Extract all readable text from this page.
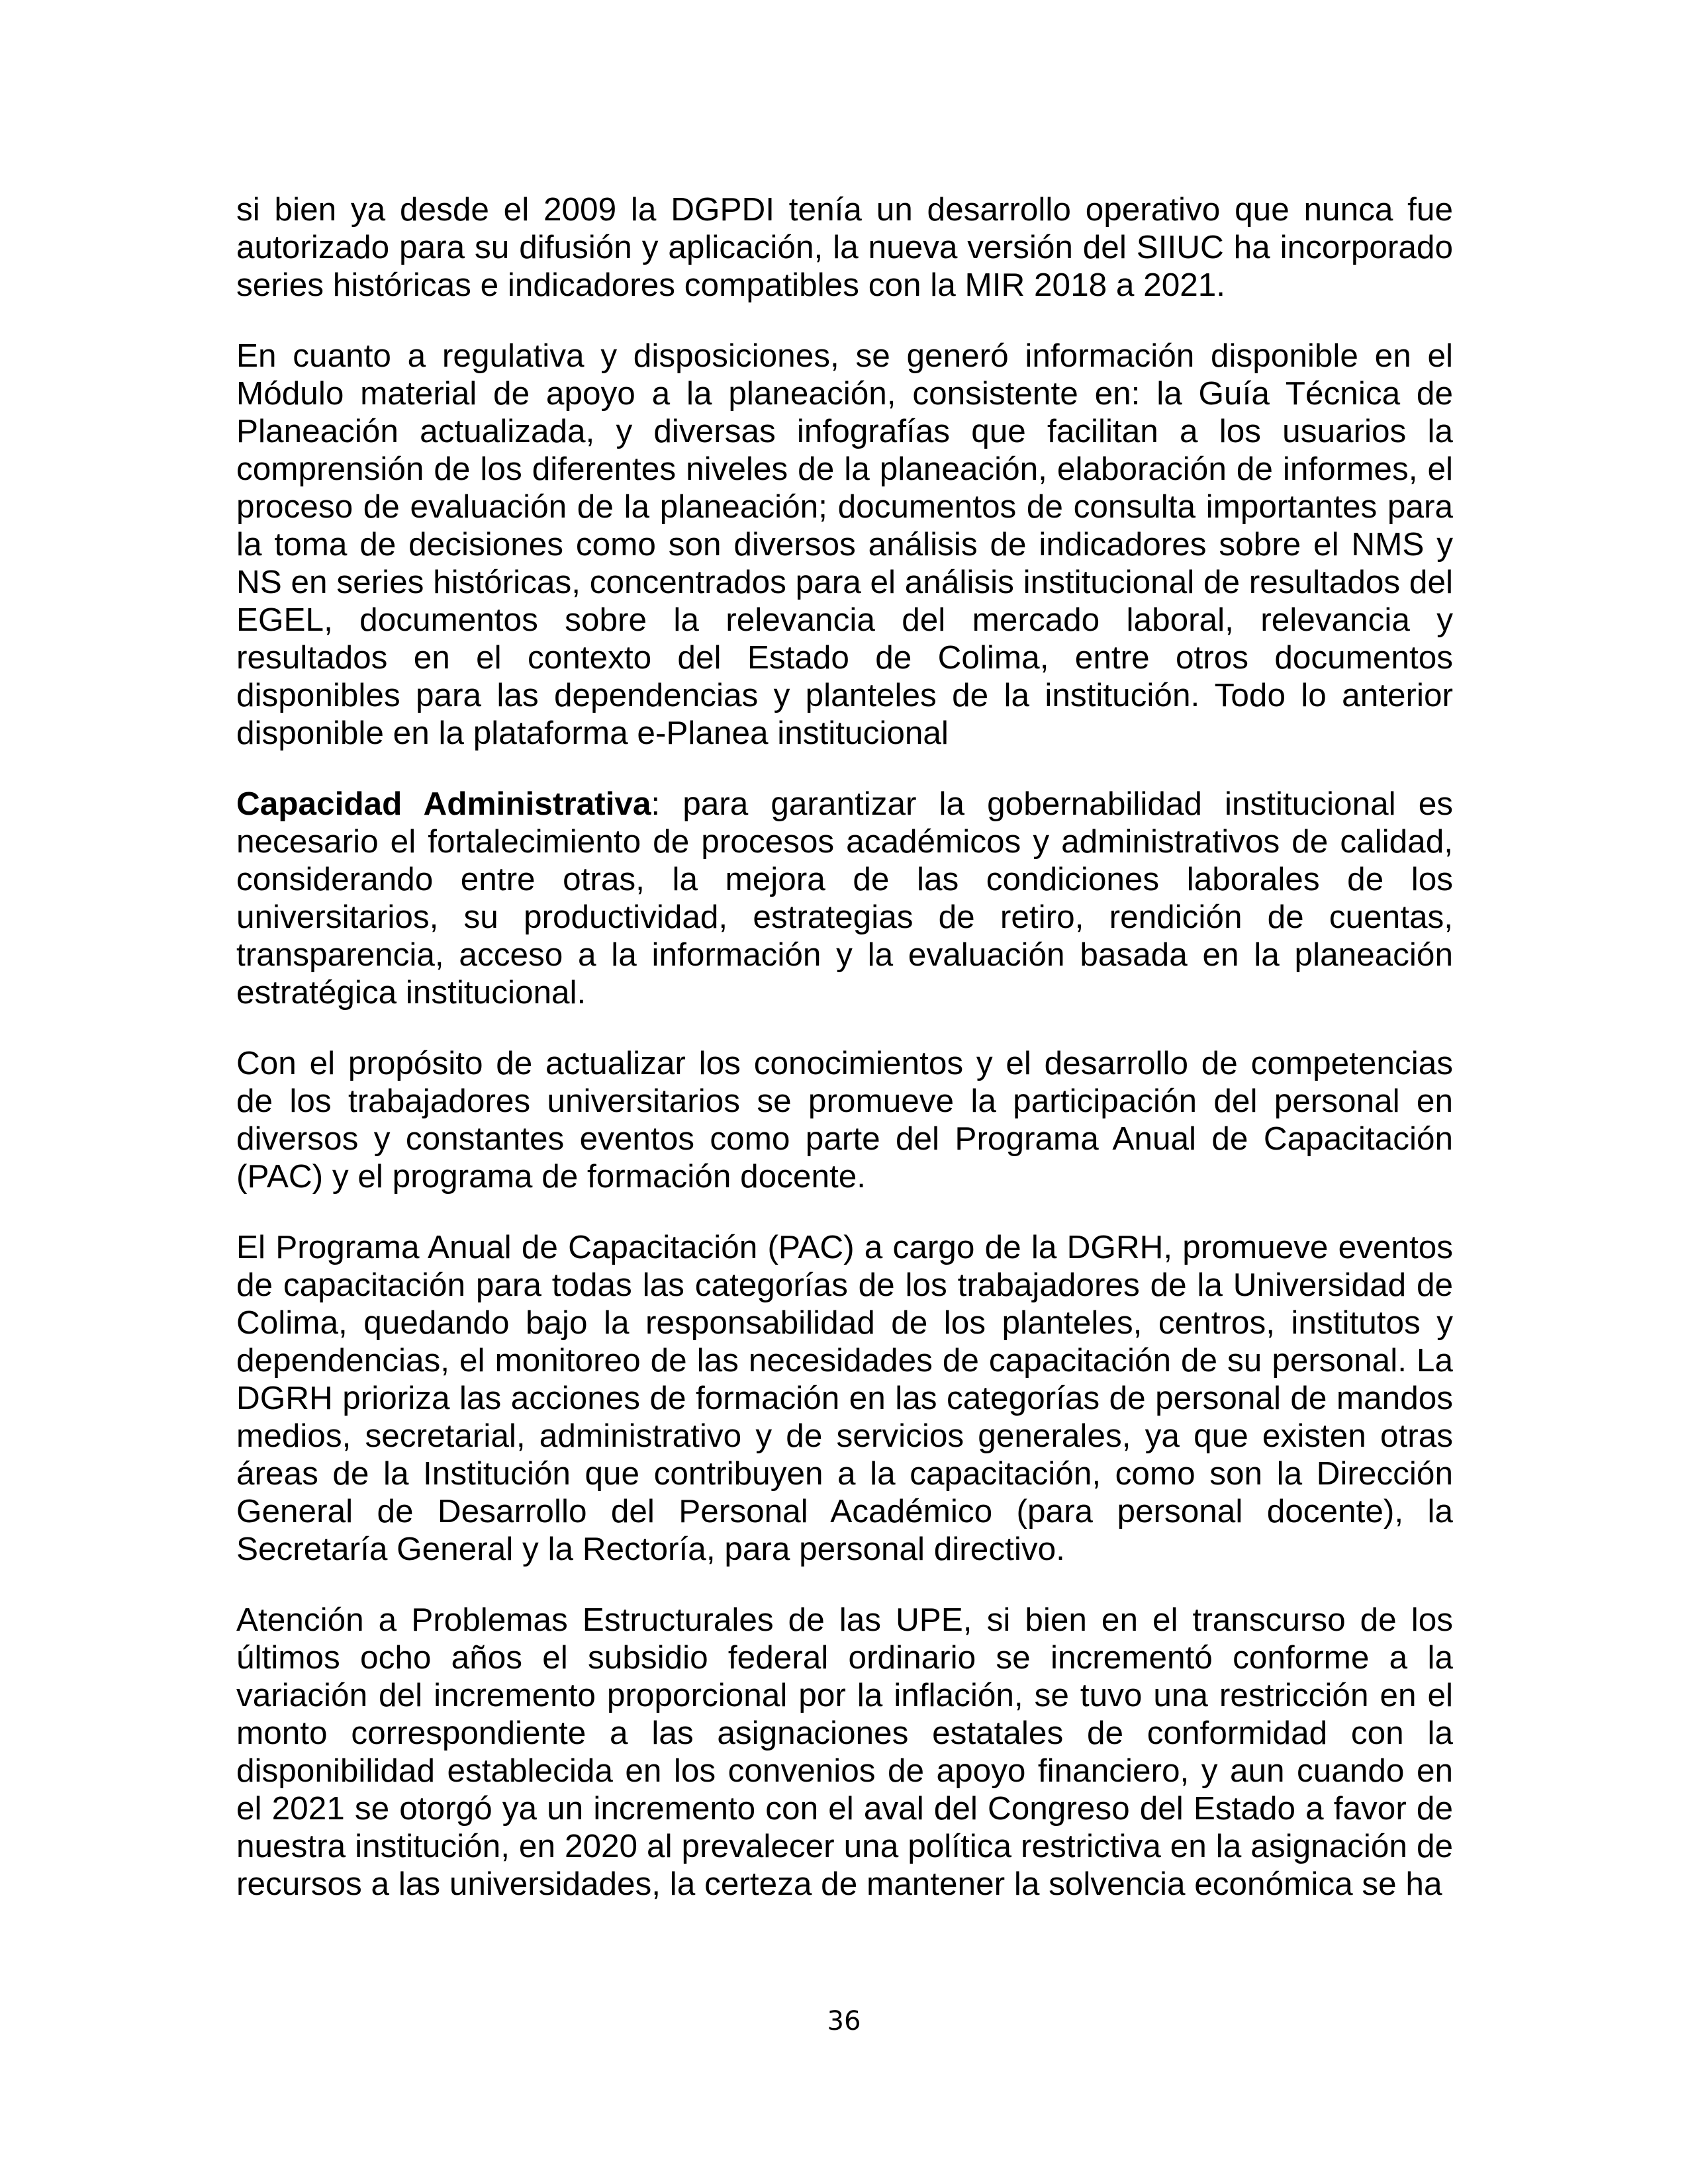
si bien ya desde el 2009 la DGPDI tenía un desarrollo operativo que nunca fue autorizado para su difusión y aplicación, la nueva versión del SIIUC ha incorporado series históricas e indicadores compatibles con la MIR 2018 a 2021.

En cuanto a regulativa y disposiciones, se generó información disponible en el Módulo material de apoyo a la planeación, consistente en: la Guía Técnica de Planeación actualizada, y diversas infografías que facilitan a los usuarios la comprensión de los diferentes niveles de la planeación, elaboración de informes, el proceso de evaluación de la planeación; documentos de consulta importantes para la toma de decisiones como son diversos análisis de indicadores sobre el NMS y NS en series históricas, concentrados para el análisis institucional de resultados del EGEL, documentos sobre la relevancia del mercado laboral, relevancia y resultados en el contexto del Estado de Colima, entre otros documentos disponibles para las dependencias y planteles de la institución. Todo lo anterior disponible en la plataforma e-Planea institucional

Capacidad Administrativa: para garantizar la gobernabilidad institucional es necesario el fortalecimiento de procesos académicos y administrativos de calidad, considerando entre otras, la mejora de las condiciones laborales de los universitarios, su productividad, estrategias de retiro, rendición de cuentas, transparencia, acceso a la información y la evaluación basada en la planeación estratégica institucional.

Con el propósito de actualizar los conocimientos y el desarrollo de competencias de los trabajadores universitarios se promueve la participación del personal en diversos y constantes eventos como parte del Programa Anual de Capacitación (PAC) y el programa de formación docente.

El Programa Anual de Capacitación (PAC) a cargo de la DGRH, promueve eventos de capacitación para todas las categorías de los trabajadores de la Universidad de Colima, quedando bajo la responsabilidad de los planteles, centros, institutos y dependencias, el monitoreo de las necesidades de capacitación de su personal. La DGRH prioriza las acciones de formación en las categorías de personal de mandos medios, secretarial, administrativo y de servicios generales, ya que existen otras áreas de la Institución que contribuyen a la capacitación, como son la Dirección General de Desarrollo del Personal Académico (para personal docente), la Secretaría General y la Rectoría, para personal directivo.

Atención a Problemas Estructurales de las UPE, si bien en el transcurso de los últimos ocho años el subsidio federal ordinario se incrementó conforme a la variación del incremento proporcional por la inflación, se tuvo una restricción en el monto correspondiente a las asignaciones estatales de conformidad con la disponibilidad establecida en los convenios de apoyo financiero, y aun cuando en el 2021 se otorgó ya un incremento con el aval del Congreso del Estado a favor de nuestra institución, en 2020 al prevalecer una política restrictiva en la asignación de recursos a las universidades, la certeza de mantener la solvencia económica se ha

36
